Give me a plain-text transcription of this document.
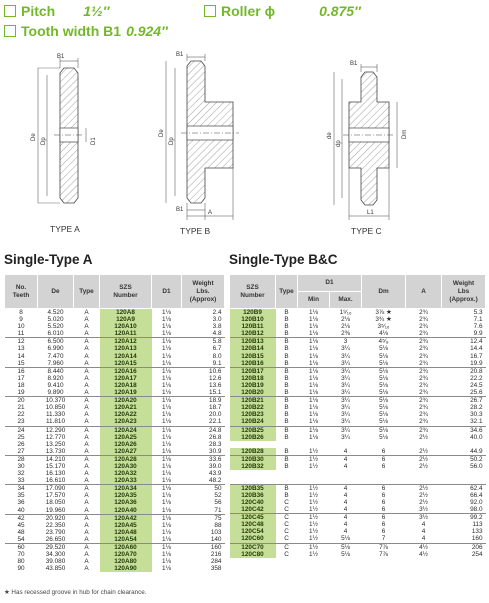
Pitch 1½″	Roller ϕ	0.875″
Tooth width B1 0.924″
B1
De
Dp	D1
TYPE A
B1
De
Dp
B1	A
TYPE B
B1
de
dp
Dm
L1
TYPE C
Single-Type A	Single-Type B&C
No.
Teeth	De	Type	SZS
Number	D1	Weight
Lbs.
(Approx)

8	4.520	A	120A8	1⅛	2.4
9	5.020	A	120A9	1⅛	3.0
10	5.520	A	120A10	1⅛	3.8
11	6.010	A	120A11	1⅛	4.8
12	6.500	A	120A12	1⅛	5.8
13	6.990	A	120A13	1⅛	6.7
14	7.470	A	120A14	1⅛	8.0
15	7.960	A	120A15	1⅛	9.1
16	8.440	A	120A16	1⅛	10.6
17	8.920	A	120A17	1⅛	12.6
18	9.410	A	120A18	1⅛	13.6
19	9.890	A	120A19	1⅛	15.1
20	10.370	A	120A20	1⅛	18.9
21	10.850	A	120A21	1⅛	18.7
22	11.330	A	120A22	1⅛	20.0
23	11.810	A	120A23	1⅛	22.1
24	12.290	A	120A24	1⅛	24.8
25	12.770	A	120A25	1⅛	26.8
26	13.250	A	120A26	1⅛	28.3
27	13.730	A	120A27	1⅛	30.9
28	14.210	A	120A28	1⅛	33.6
30	15.170	A	120A30	1⅛	39.0
32	16.130	A	120A32	1⅛	43.9
33	16.610	A	120A33	1⅛	48.2
34	17.090	A	120A34	1⅛	50
35	17.570	A	120A35	1⅛	52
36	18.050	A	120A36	1⅛	56
40	19.960	A	120A40	1⅛	71
42	20.920	A	120A42	1⅛	75
45	22.350	A	120A45	1⅛	88
48	23.790	A	120A48	1⅛	103
54	26.650	A	120A54	1⅛	140
60	29.520	A	120A60	1⅛	160
70	34.300	A	120A70	1⅛	216
80	39.080	A	120A80	1⅛	284
90	43.850	A	120A90	1⅛	358
SZS
Number	Type	D1		Dm	A	Weight
Lbs
(Approx.)

		Min	Max.			
120B9	B	1⅛	1⁹⁄₁₆	3⅞ ★	2¾	5.3
120B10	B	1⅛	2⅛	3¾ ★	2¾	7.1
120B11	B	1⅛	2⅛	3⁵⁄₁₆	2¾	7.6
120B12	B	1⅛	2⅜	4⅛	2¾	9.9
120B13	B	1⅛	3	4⁵⁄₈	2¾	12.4
120B14	B	1⅛	3¼	5⅛	2¾	14.4
120B15	B	1⅛	3¼	5⅛	2¾	16.7
120B16	B	1⅛	3¼	5⅛	2¾	19.9
120B17	B	1⅛	3¼	5⅛	2¾	20.8
120B18	B	1⅛	3¼	5⅛	2¾	22.2
120B19	B	1⅛	3¼	5⅛	2¾	24.5
120B20	B	1⅛	3¼	5⅛	2¾	25.6
120B21	B	1⅛	3¼	5⅛	2¾	26.7
120B22	B	1⅛	3¼	5⅛	2¾	28.2
120B23	B	1⅛	3¼	5⅛	2¾	30.3
120B24	B	1⅛	3¼	5⅛	2¾	32.1
120B25	B	1⅛	3¼	5⅛	2¾	34.6
120B26	B	1⅛	3¼	5⅛	2½	40.0

120B28	B	1½	4	6	2½	44.9
120B30	B	1½	4	6	2½	50.2
120B32	B	1½	4	6	2½	56.0

120B35	B	1½	4	6	2½	62.4
120B36	B	1½	4	6	2½	66.4
120C40	C	1½	4	6	2½	92.0
120C42	C	1½	4	6	3½	98.0
120C45	C	1½	4	6	3½	99.2
120C48	C	1½	4	6	4	113
120C54	C	1½	4	6	4	133
120C60	C	1½	5⅛	7	4	160
120C70	C	1½	5⅛	7⅞	4½	206
120C80	C	1½	5⅛	7⅞	4½	254

★ Has recessed groove in hub for chain clearance.
